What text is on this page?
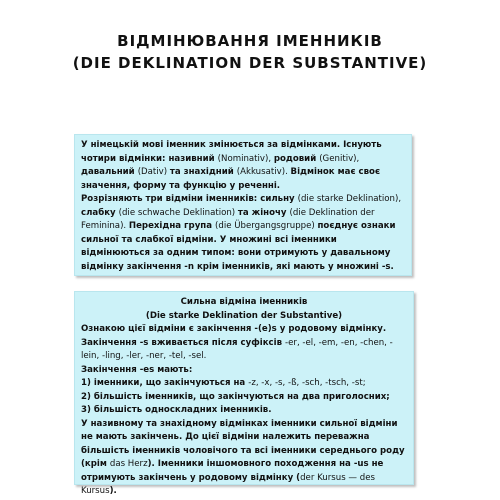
ВІДМІНЮВАННЯ ІМЕННИКІВ
(DIE DEKLINATION DER SUBSTANTIVE)

У німецькій мові іменник змінюється за відмінками. Існують чотири відмінки: називний (Nominativ), родовий (Genitiv), давальний (Dativ) та знахідний (Akkusativ). Відмінок має своє значення, форму та функцію у реченні.

Розрізняють три відміни іменників: сильну (die starke Deklination), слабку (die schwache Deklination) та жіночу (die Deklination der Feminina). Перехідна група (die Übergangsgruppe) поєднує ознаки сильної та слабкої відміни. У множині всі іменники відмінюються за одним типом: вони отримують у давальному відмінку закінчення -n крім іменників, які мають у множині -s.

Сильна відміна іменників
(Die starke Deklination der Substantive)

Ознакою цієї відміни є закінчення -(e)s у родовому відмінку.

Закінчення -s вживається після суфіксів -er, -el, -em, -en, -chen, -lein, -ling, -ler, -ner, -tel, -sel.

Закінчення -es мають:

1) іменники, що закінчуються на -z, -x, -s, -ß, -sch, -tsch, -st;

2) більшість іменників, що закінчуються на два приголосних;

3) більшість односкладних іменників.

У називному та знахідному відмінках іменники сильної відміни не мають закінчень. До цієї відміни належить переважна більшість іменників чоловічого та всі іменники середнього роду (крім das Herz). Іменники іншомовного походження на -us не отримують закінчень у родовому відмінку (der Kursus — des Kursus).
